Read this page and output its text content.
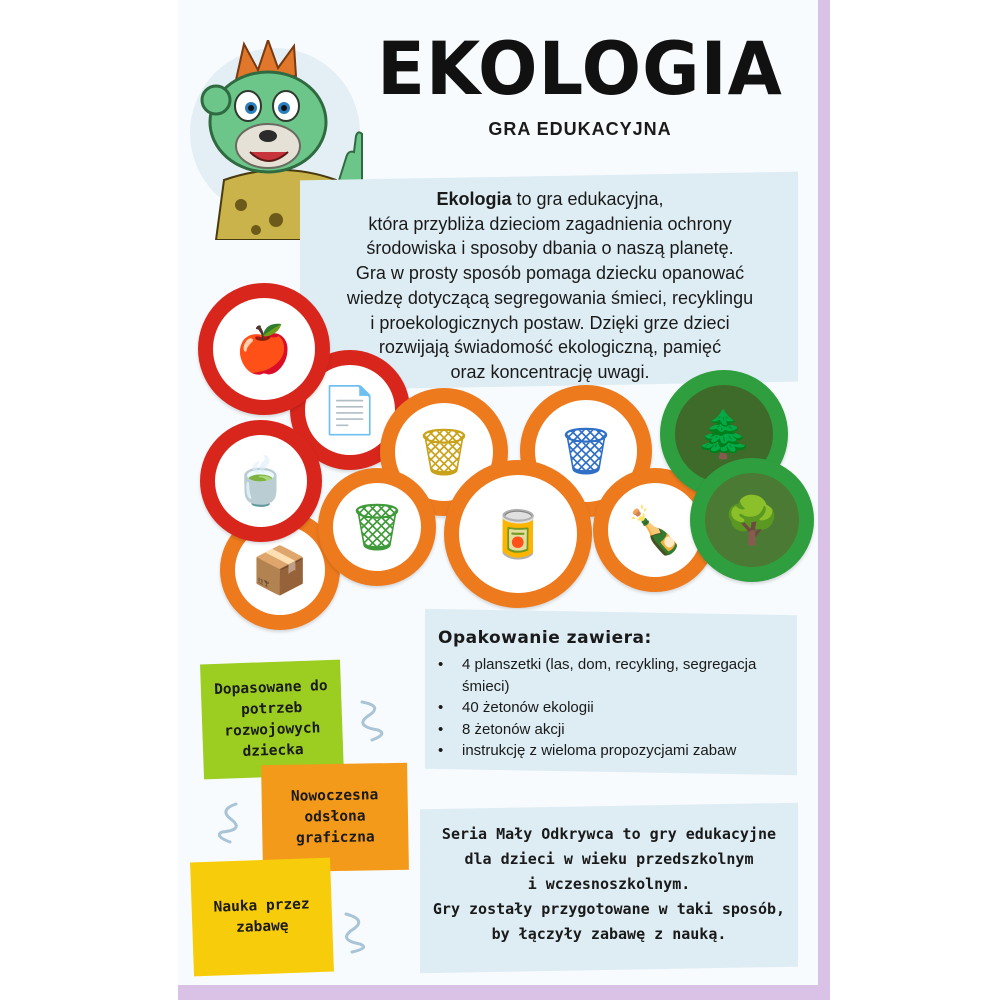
EKOLOGIA
GRA EDUKACYJNA
Ekologia to gra edukacyjna,
która przybliża dzieciom zagadnienia ochrony
środowiska i sposoby dbania o naszą planetę.
Gra w prosty sposób pomaga dziecku opanować
wiedzę dotyczącą segregowania śmieci, recyklingu
i proekologicznych postaw. Dzięki grze dzieci
rozwijają świadomość ekologiczną, pamięć
oraz koncentrację uwagi.
📦
📄
🗑 🗑
🗑 🥫 🍾
🌲
🌳
🍵
🍎
Opakowanie zawiera:
• 4 planszetki (las, dom, recykling, segregacja śmieci)
• 40 żetonów ekologii
• 8 żetonów akcji
• instrukcję z wieloma propozycjami zabaw
Seria Mały Odkrywca to gry edukacyjne
dla dzieci w wieku przedszkolnym
i wczesnoszkolnym.
Gry zostały przygotowane w taki sposób,
by łączyły zabawę z nauką.
Dopasowane do potrzeb rozwojowych dziecka
Nowoczesna odsłona graficzna
Nauka przez zabawę
